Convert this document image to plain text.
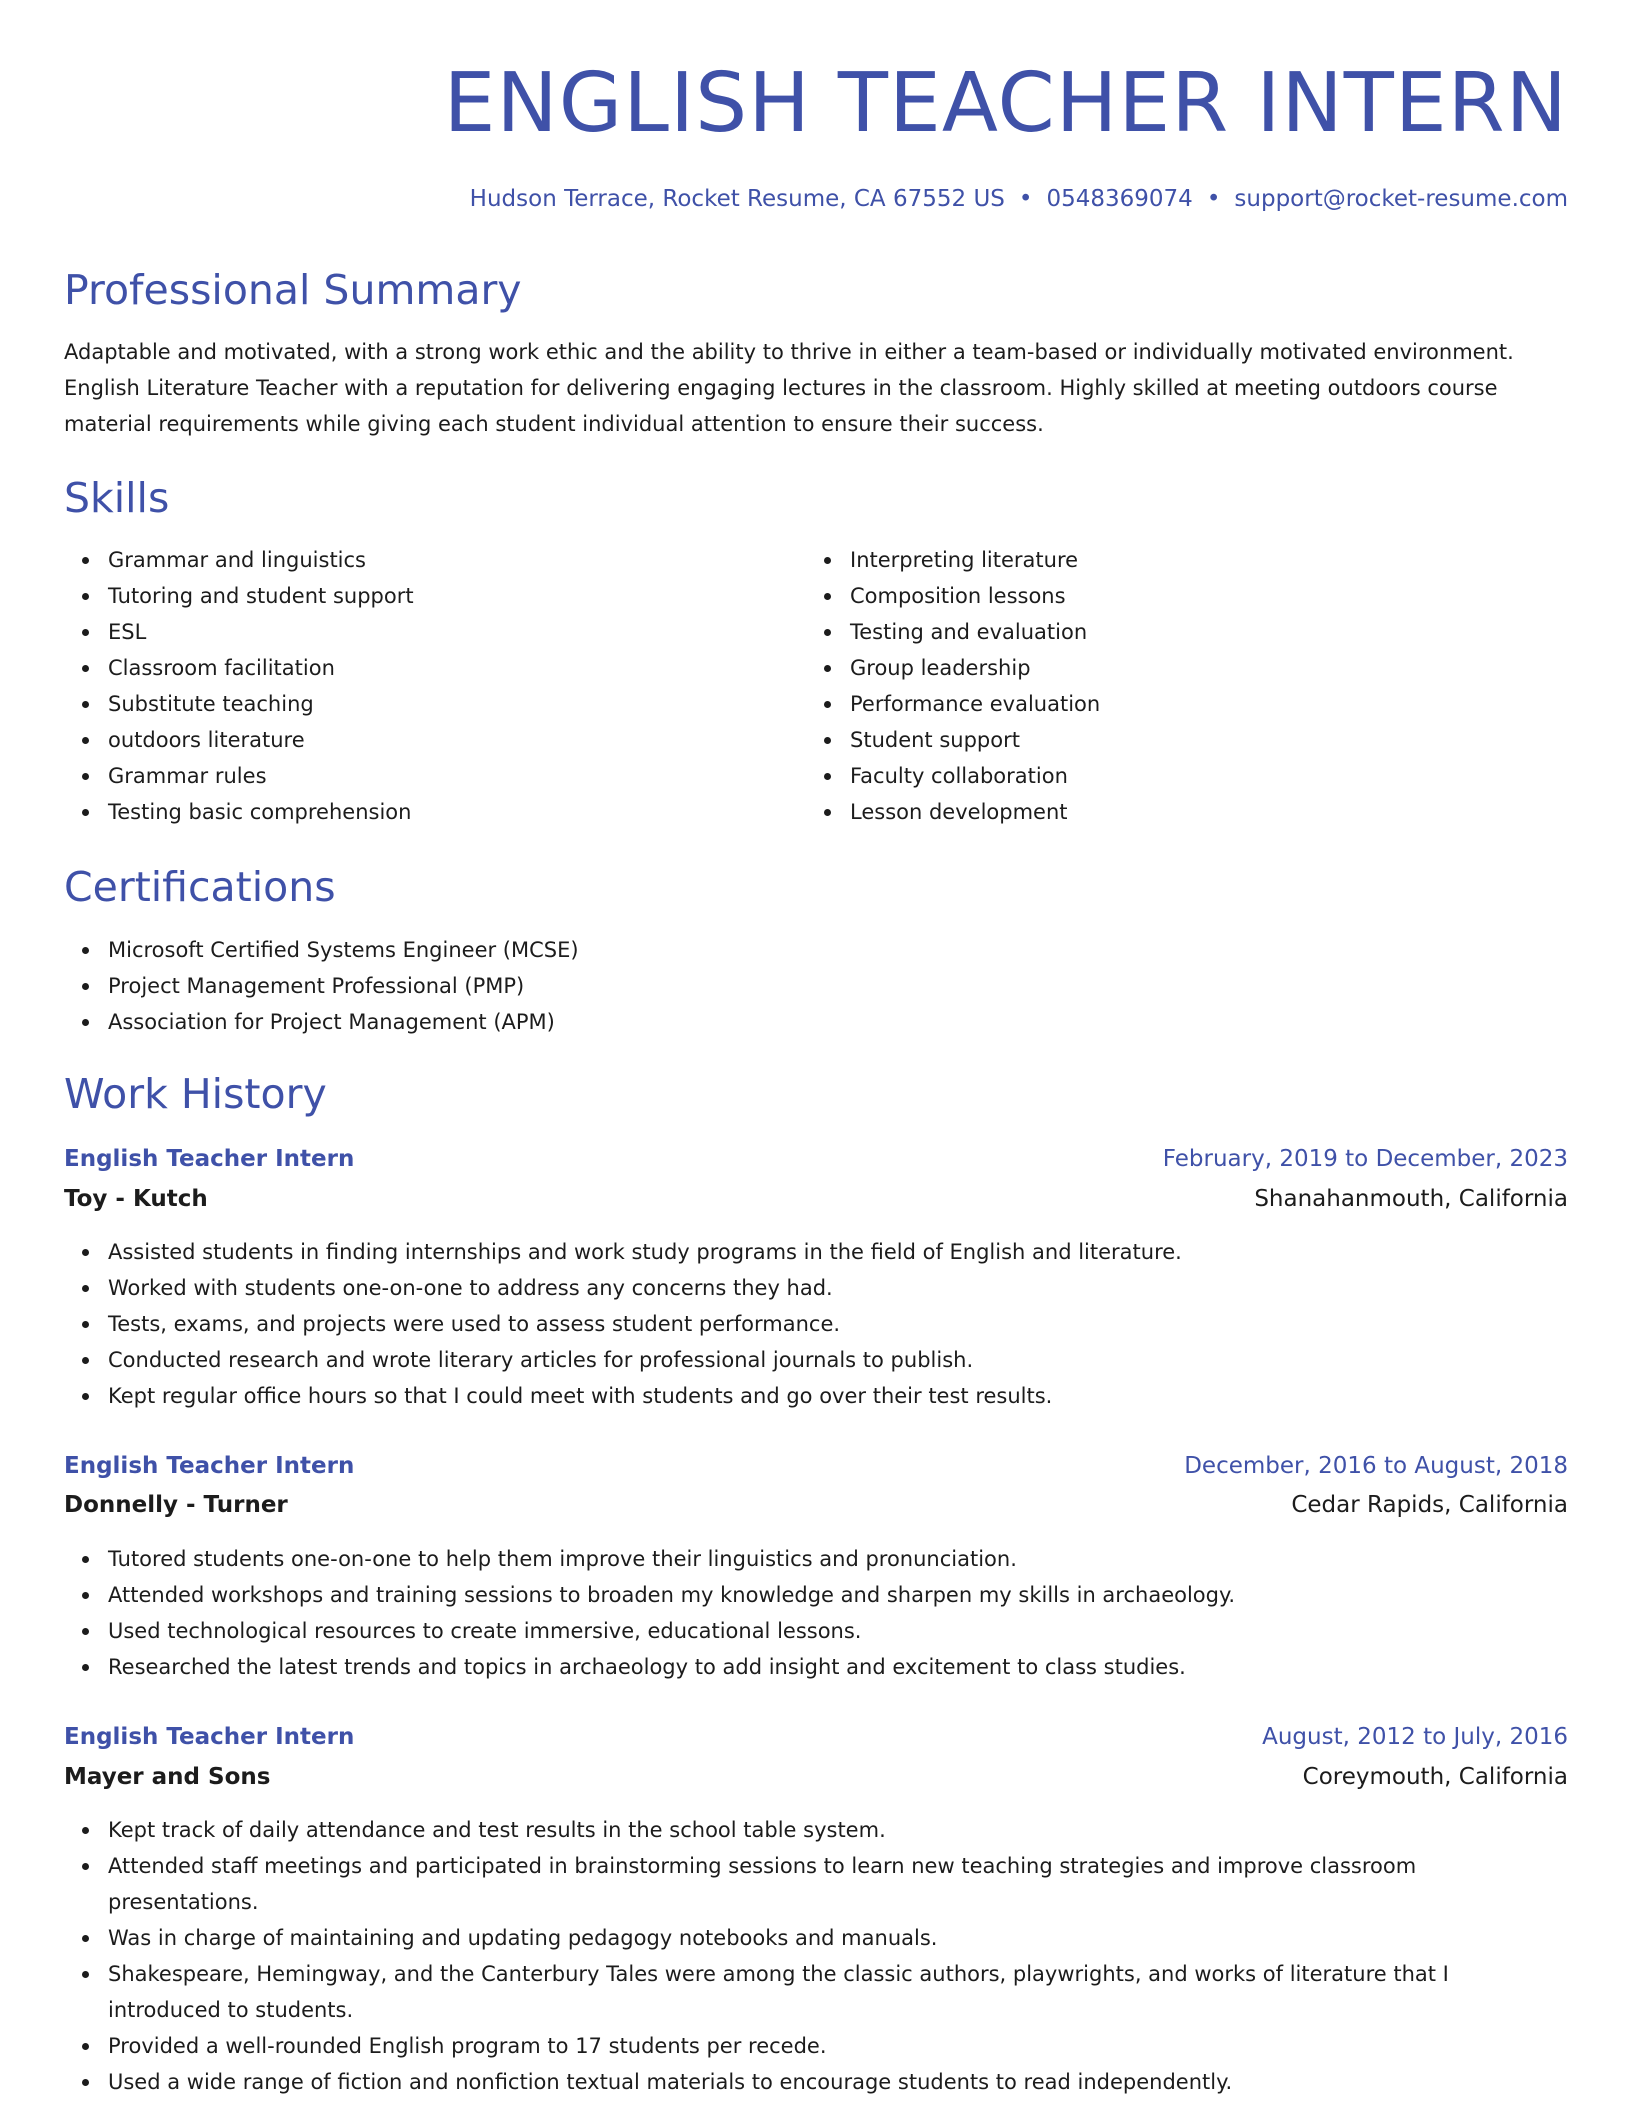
ENGLISH TEACHER INTERN
Hudson Terrace, Rocket Resume, CA 67552 US • 0548369074 • support@rocket-resume.com
Professional Summary
Adaptable and motivated, with a strong work ethic and the ability to thrive in either a team-based or individually motivated environment.
English Literature Teacher with a reputation for delivering engaging lectures in the classroom. Highly skilled at meeting outdoors course
material requirements while giving each student individual attention to ensure their success.
Skills
Grammar and linguistics
Tutoring and student support
ESL
Classroom facilitation
Substitute teaching
outdoors literature
Grammar rules
Testing basic comprehension
Interpreting literature
Composition lessons
Testing and evaluation
Group leadership
Performance evaluation
Student support
Faculty collaboration
Lesson development
Certifications
Microsoft Certified Systems Engineer (MCSE)
Project Management Professional (PMP)
Association for Project Management (APM)
Work History
English Teacher Intern	February, 2019 to December, 2023
Toy - Kutch	Shanahanmouth, California
Assisted students in finding internships and work study programs in the field of English and literature.
Worked with students one-on-one to address any concerns they had.
Tests, exams, and projects were used to assess student performance.
Conducted research and wrote literary articles for professional journals to publish.
Kept regular office hours so that I could meet with students and go over their test results.
English Teacher Intern	December, 2016 to August, 2018
Donnelly - Turner	Cedar Rapids, California
Tutored students one-on-one to help them improve their linguistics and pronunciation.
Attended workshops and training sessions to broaden my knowledge and sharpen my skills in archaeology.
Used technological resources to create immersive, educational lessons.
Researched the latest trends and topics in archaeology to add insight and excitement to class studies.
English Teacher Intern	August, 2012 to July, 2016
Mayer and Sons	Coreymouth, California
Kept track of daily attendance and test results in the school table system.
Attended staff meetings and participated in brainstorming sessions to learn new teaching strategies and improve classroom presentations.
Was in charge of maintaining and updating pedagogy notebooks and manuals.
Shakespeare, Hemingway, and the Canterbury Tales were among the classic authors, playwrights, and works of literature that I introduced to students.
Provided a well-rounded English program to 17 students per recede.
Used a wide range of fiction and nonfiction textual materials to encourage students to read independently.
